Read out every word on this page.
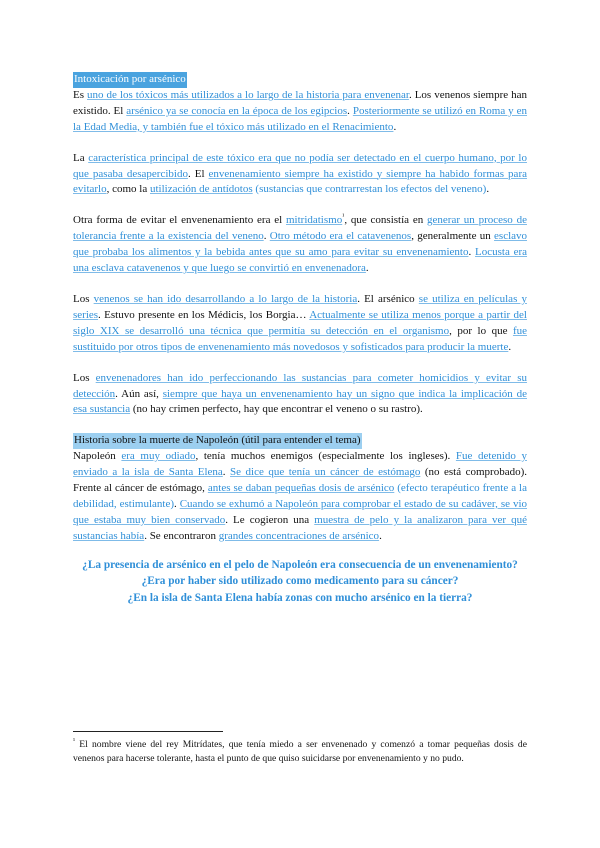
Intoxicación por arsénico

Es uno de los tóxicos más utilizados a lo largo de la historia para envenenar. Los venenos siempre han existido. El arsénico ya se conocía en la época de los egipcios. Posteriormente se utilizó en Roma y en la Edad Media, y también fue el tóxico más utilizado en el Renacimiento.

La característica principal de este tóxico era que no podía ser detectado en el cuerpo humano, por lo que pasaba desapercibido. El envenenamiento siempre ha existido y siempre ha habido formas para evitarlo, como la utilización de antídotos (sustancias que contrarrestan los efectos del veneno).

Otra forma de evitar el envenenamiento era el mitridatismo$^{^1}$, que consistía en generar un proceso de tolerancia frente a la existencia del veneno. Otro método era el catavenenos, generalmente un esclavo que probaba los alimentos y la bebida antes que su amo para evitar su envenenamiento. Locusta era una esclava catavenenos y que luego se convirtió en envenenadora.

Los venenos se han ido desarrollando a lo largo de la historia. El arsénico se utiliza en películas y series. Estuvo presente en los Médicis, los Borgia… Actualmente se utiliza menos porque a partir del siglo XIX se desarrolló una técnica que permitía su detección en el organismo, por lo que fue sustituido por otros tipos de envenenamiento más novedosos y sofisticados para producir la muerte.

Los envenenadores han ido perfeccionando las sustancias para cometer homicidios y evitar su detección. Aún así, siempre que haya un envenenamiento hay un signo que indica la implicación de esa sustancia (no hay crimen perfecto, hay que encontrar el veneno o su rastro).

Historia sobre la muerte de Napoleón (útil para entender el tema)

Napoleón era muy odiado, tenía muchos enemigos (especialmente los ingleses). Fue detenido y enviado a la isla de Santa Elena. Se dice que tenía un cáncer de estómago (no está comprobado). Frente al cáncer de estómago, antes se daban pequeñas dosis de arsénico (efecto terapéutico frente a la debilidad, estimulante). Cuando se exhumó a Napoleón para comprobar el estado de su cadáver, se vio que estaba muy bien conservado. Le cogieron una muestra de pelo y la analizaron para ver qué sustancias había. Se encontraron grandes concentraciones de arsénico.

¿La presencia de arsénico en el pelo de Napoleón era consecuencia de un envenenamiento? ¿Era por haber sido utilizado como medicamento para su cáncer?
¿En la isla de Santa Elena había zonas con mucho arsénico en la tierra?
$^{^1}$ El nombre viene del rey Mitrídates, que tenía miedo a ser envenenado y comenzó a tomar pequeñas dosis de venenos para hacerse tolerante, hasta el punto de que quiso suicidarse por envenenamiento y no pudo.
